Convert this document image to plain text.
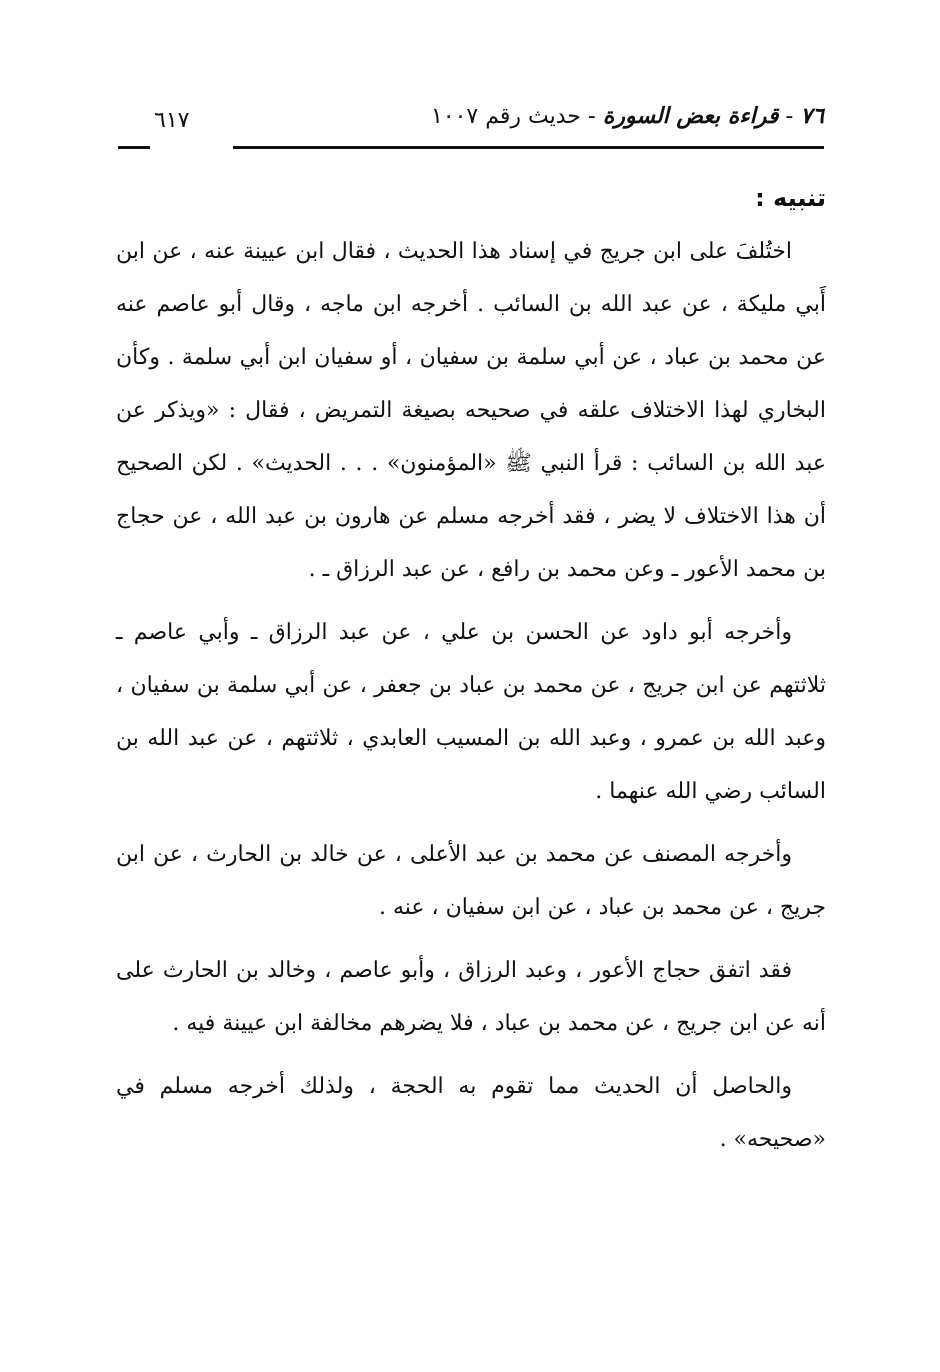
٧٦ - قراءة بعض السورة - حديث رقم ١٠٠٧
٦١٧

تنبيه :

اختُلفَ على ابن جريج في إسناد هذا الحديث ، فقال ابن عيينة عنه ، عن ابن أَبي مليكة ، عن عبد الله بن السائب . أخرجه ابن ماجه ، وقال أبو عاصم عنه عن محمد بن عباد ، عن أبي سلمة بن سفيان ، أو سفيان ابن أبي سلمة . وكأن البخاري لهذا الاختلاف علقه في صحيحه بصيغة التمريض ، فقال : «ويذكر عن عبد الله بن السائب : قرأ النبي ﷺ «المؤمنون» . . . الحديث» . لكن الصحيح أن هذا الاختلاف لا يضر ، فقد أخرجه مسلم عن هارون بن عبد الله ، عن حجاج بن محمد الأعور ـ وعن محمد بن رافع ، عن عبد الرزاق ـ .

وأخرجه أبو داود عن الحسن بن علي ، عن عبد الرزاق ـ وأبي عاصم ـ ثلاثتهم عن ابن جريج ، عن محمد بن عباد بن جعفر ، عن أبي سلمة بن سفيان ، وعبد الله بن عمرو ، وعبد الله بن المسيب العابدي ، ثلاثتهم ، عن عبد الله بن السائب رضي الله عنهما .

وأخرجه المصنف عن محمد بن عبد الأعلى ، عن خالد بن الحارث ، عن ابن جريج ، عن محمد بن عباد ، عن ابن سفيان ، عنه .

فقد اتفق حجاج الأعور ، وعبد الرزاق ، وأبو عاصم ، وخالد بن الحارث على أنه عن ابن جريج ، عن محمد بن عباد ، فلا يضرهم مخالفة ابن عيينة فيه .

والحاصل أن الحديث مما تقوم به الحجة ، ولذلك أخرجه مسلم في «صحيحه» .
